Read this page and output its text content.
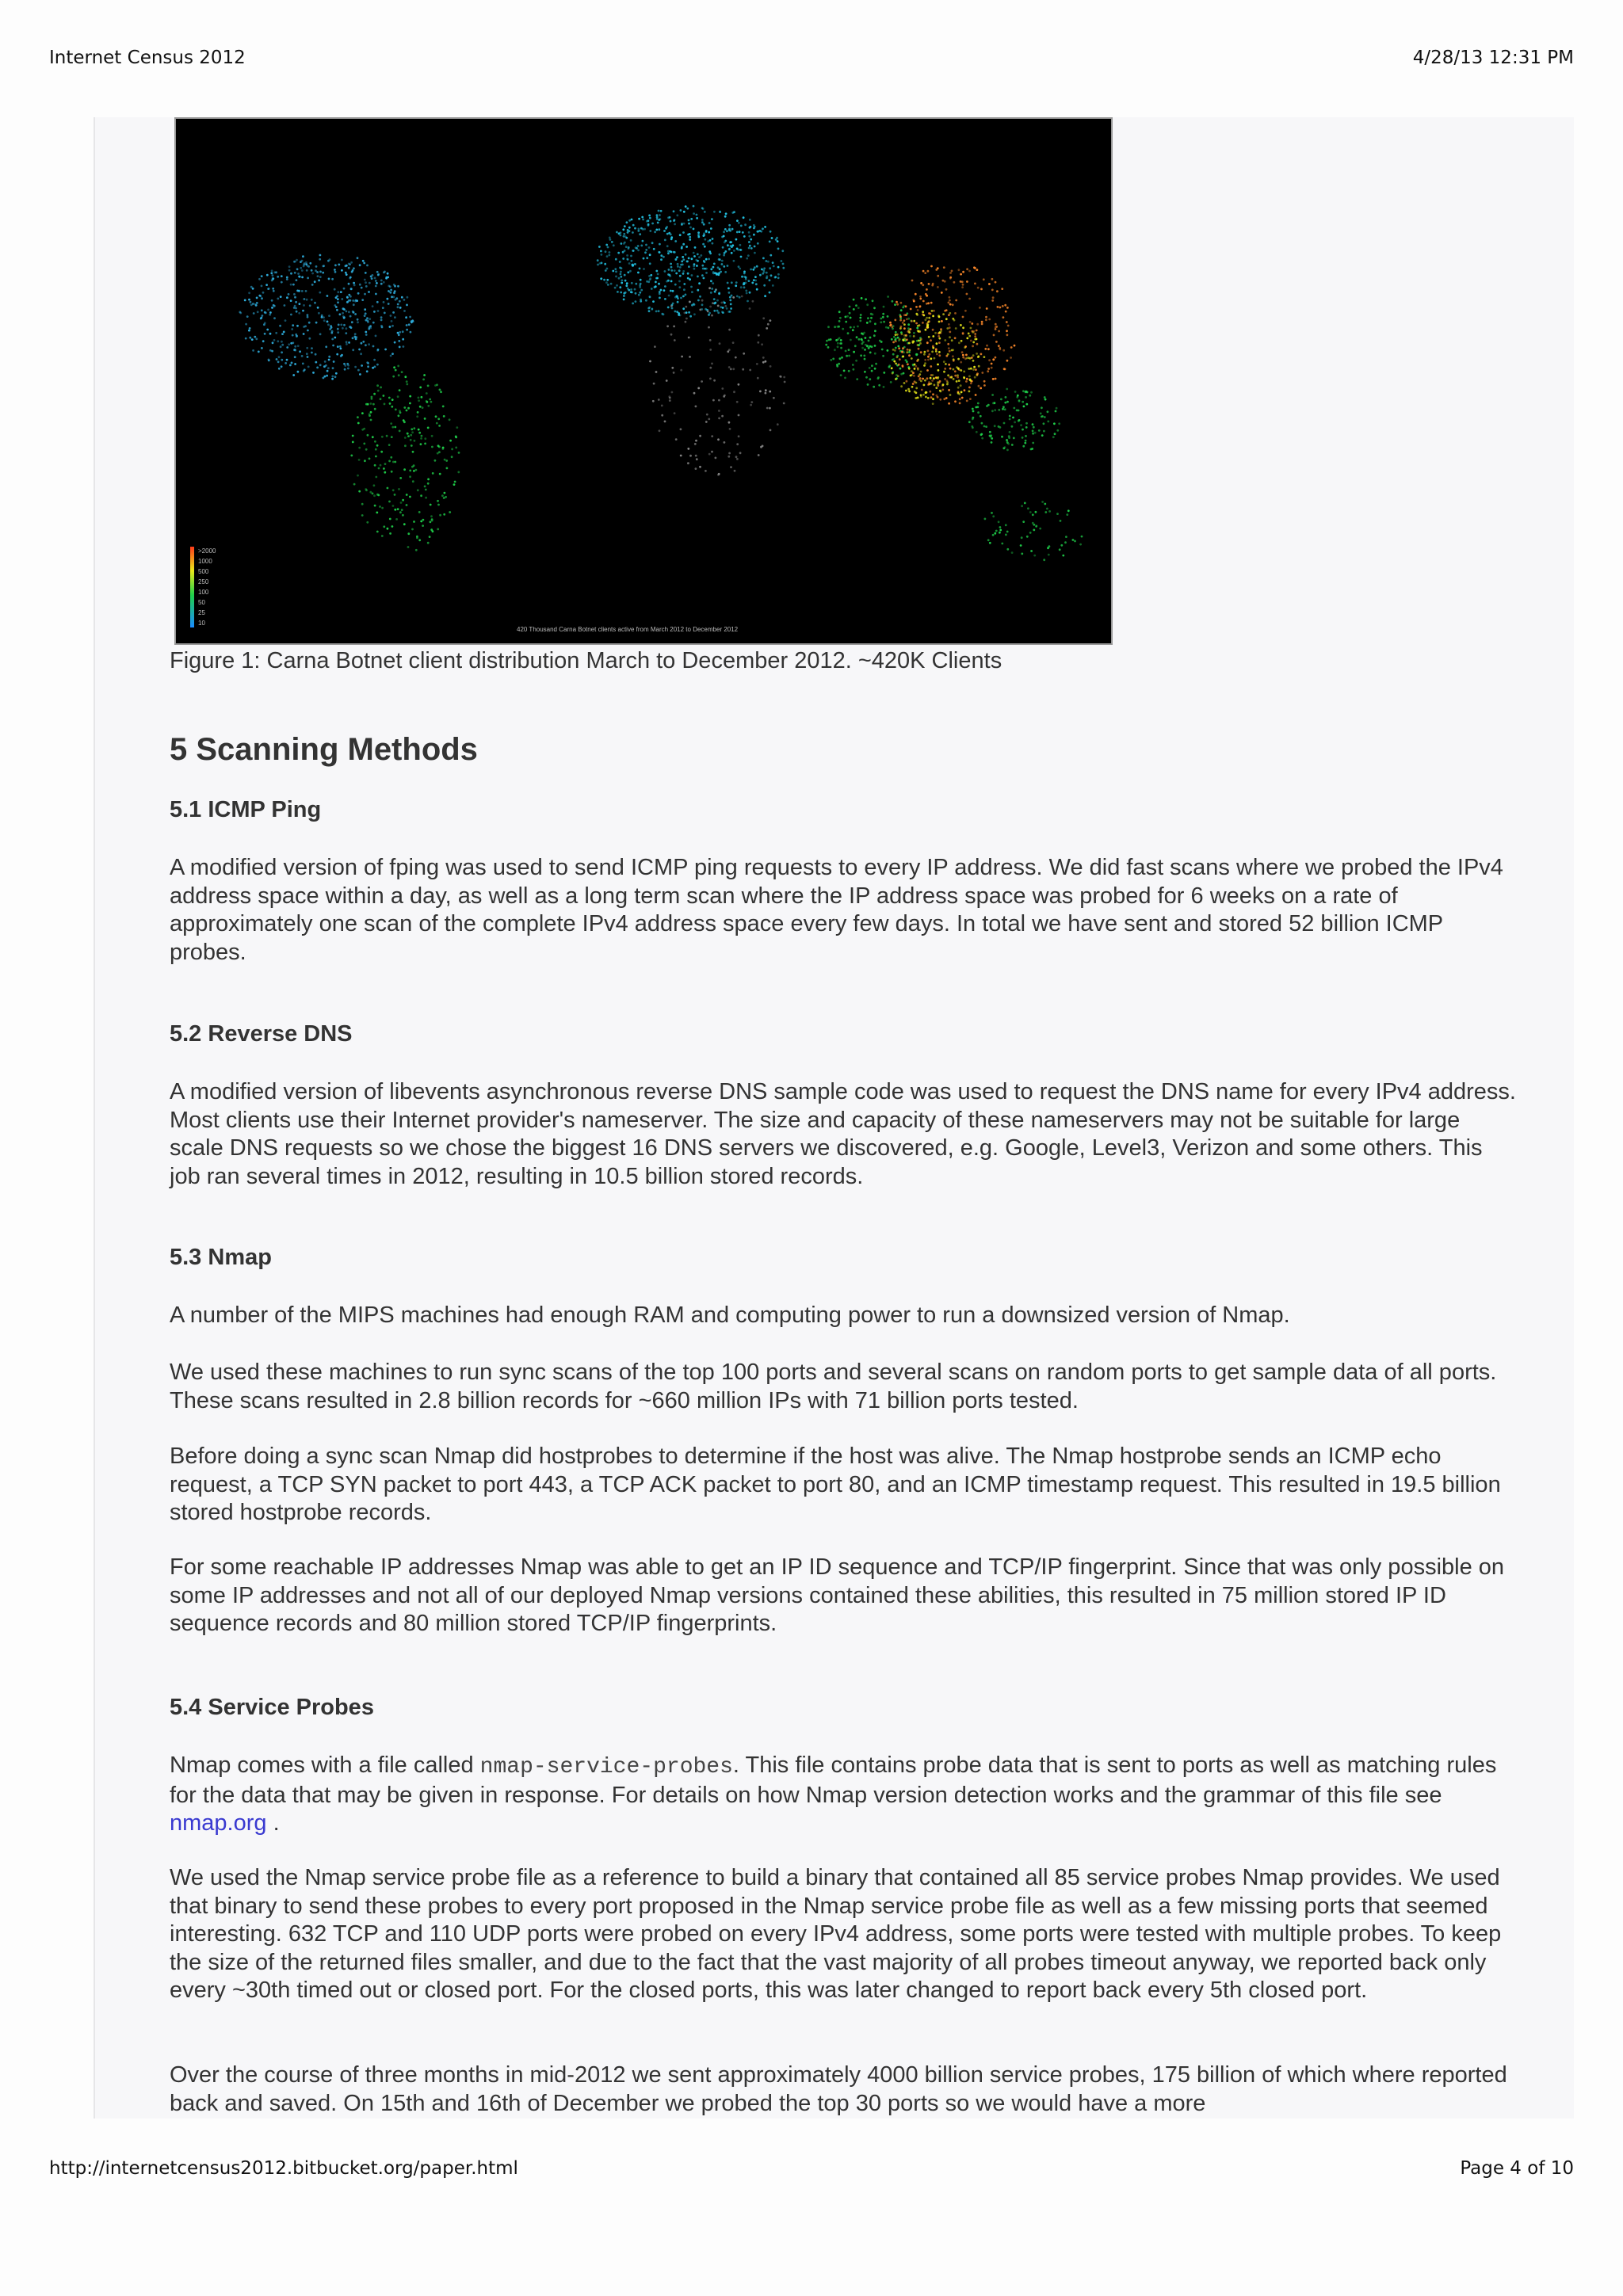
Internet Census 2012	4/28/13 12:31 PM
>2000
1000
500
250
100
50
25
10
420 Thousand Carna Botnet clients active from March 2012 to December 2012
Figure 1: Carna Botnet client distribution March to December 2012. ~420K Clients
5 Scanning Methods
5.1 ICMP Ping

A modified version of fping was used to send ICMP ping requests to every IP address. We did fast scans where we probed the IPv4 address space within a day, as well as a long term scan where the IP address space was probed for 6 weeks on a rate of approximately one scan of the complete IPv4 address space every few days. In total we have sent and stored 52 billion ICMP probes.

5.2 Reverse DNS

A modified version of libevents asynchronous reverse DNS sample code was used to request the DNS name for every IPv4 address. Most clients use their Internet provider's nameserver. The size and capacity of these nameservers may not be suitable for large scale DNS requests so we chose the biggest 16 DNS servers we discovered, e.g. Google, Level3, Verizon and some others. This job ran several times in 2012, resulting in 10.5 billion stored records.

5.3 Nmap

A number of the MIPS machines had enough RAM and computing power to run a downsized version of Nmap.

We used these machines to run sync scans of the top 100 ports and several scans on random ports to get sample data of all ports. These scans resulted in 2.8 billion records for ~660 million IPs with 71 billion ports tested.

Before doing a sync scan Nmap did hostprobes to determine if the host was alive. The Nmap hostprobe sends an ICMP echo request, a TCP SYN packet to port 443, a TCP ACK packet to port 80, and an ICMP timestamp request. This resulted in 19.5 billion stored hostprobe records.

For some reachable IP addresses Nmap was able to get an IP ID sequence and TCP/IP fingerprint. Since that was only possible on some IP addresses and not all of our deployed Nmap versions contained these abilities, this resulted in 75 million stored IP ID sequence records and 80 million stored TCP/IP fingerprints.

5.4 Service Probes

Nmap comes with a file called nmap-service-probes. This file contains probe data that is sent to ports as well as matching rules for the data that may be given in response. For details on how Nmap version detection works and the grammar of this file see nmap.org .

We used the Nmap service probe file as a reference to build a binary that contained all 85 service probes Nmap provides. We used that binary to send these probes to every port proposed in the Nmap service probe file as well as a few missing ports that seemed interesting. 632 TCP and 110 UDP ports were probed on every IPv4 address, some ports were tested with multiple probes. To keep the size of the returned files smaller, and due to the fact that the vast majority of all probes timeout anyway, we reported back only every ~30th timed out or closed port. For the closed ports, this was later changed to report back every 5th closed port.

Over the course of three months in mid-2012 we sent approximately 4000 billion service probes, 175 billion of which where reported back and saved. On 15th and 16th of December we probed the top 30 ports so we would have a more

http://internetcensus2012.bitbucket.org/paper.html	Page 4 of 10
